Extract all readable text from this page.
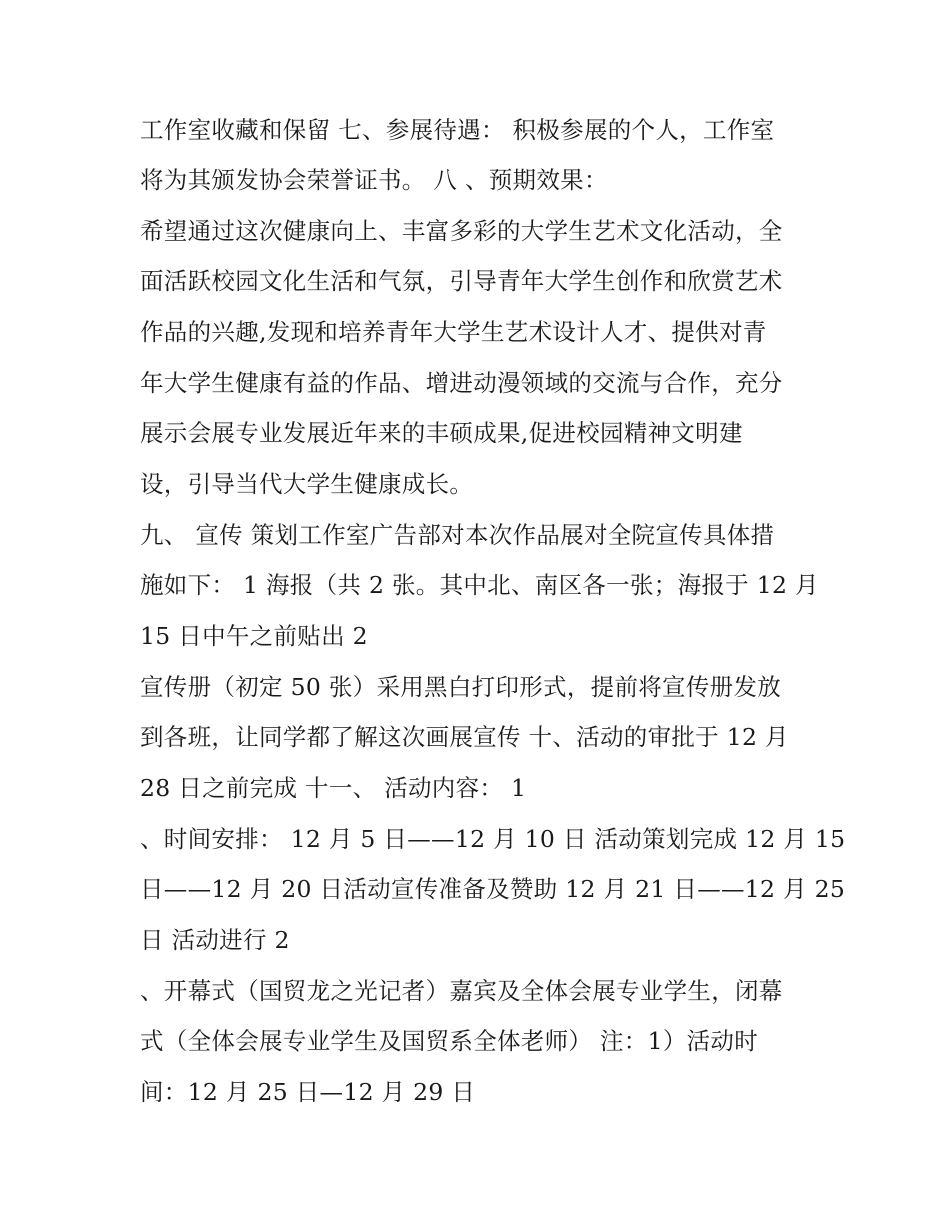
工作室收藏和保留 七、参展待遇： 积极参展的个人，工作室
将为其颁发协会荣誉证书。 八 、预期效果：
希望通过这次健康向上、丰富多彩的大学生艺术文化活动，全
面活跃校园文化生活和气氛，引导青年大学生创作和欣赏艺术
作品的兴趣,发现和培养青年大学生艺术设计人才、提供对青
年大学生健康有益的作品、增进动漫领域的交流与合作，充分
展示会展专业发展近年来的丰硕成果,促进校园精神文明建
设，引导当代大学生健康成长。
九、 宣传 策划工作室广告部对本次作品展对全院宣传具体措
施如下： 1 海报（共 2 张。其中北、南区各一张；海报于 12 月
15 日中午之前贴出 2
宣传册（初定 50 张）采用黑白打印形式，提前将宣传册发放
到各班，让同学都了解这次画展宣传 十、活动的审批于 12 月
28 日之前完成 十一、 活动内容： 1
、时间安排： 12 月 5 日——12 月 10 日 活动策划完成 12 月 15
日——12 月 20 日活动宣传准备及赞助 12 月 21 日——12 月 25
日 活动进行 2
、开幕式（国贸龙之光记者）嘉宾及全体会展专业学生，闭幕
式（全体会展专业学生及国贸系全体老师） 注：1）活动时
间：12 月 25 日—12 月 29 日
